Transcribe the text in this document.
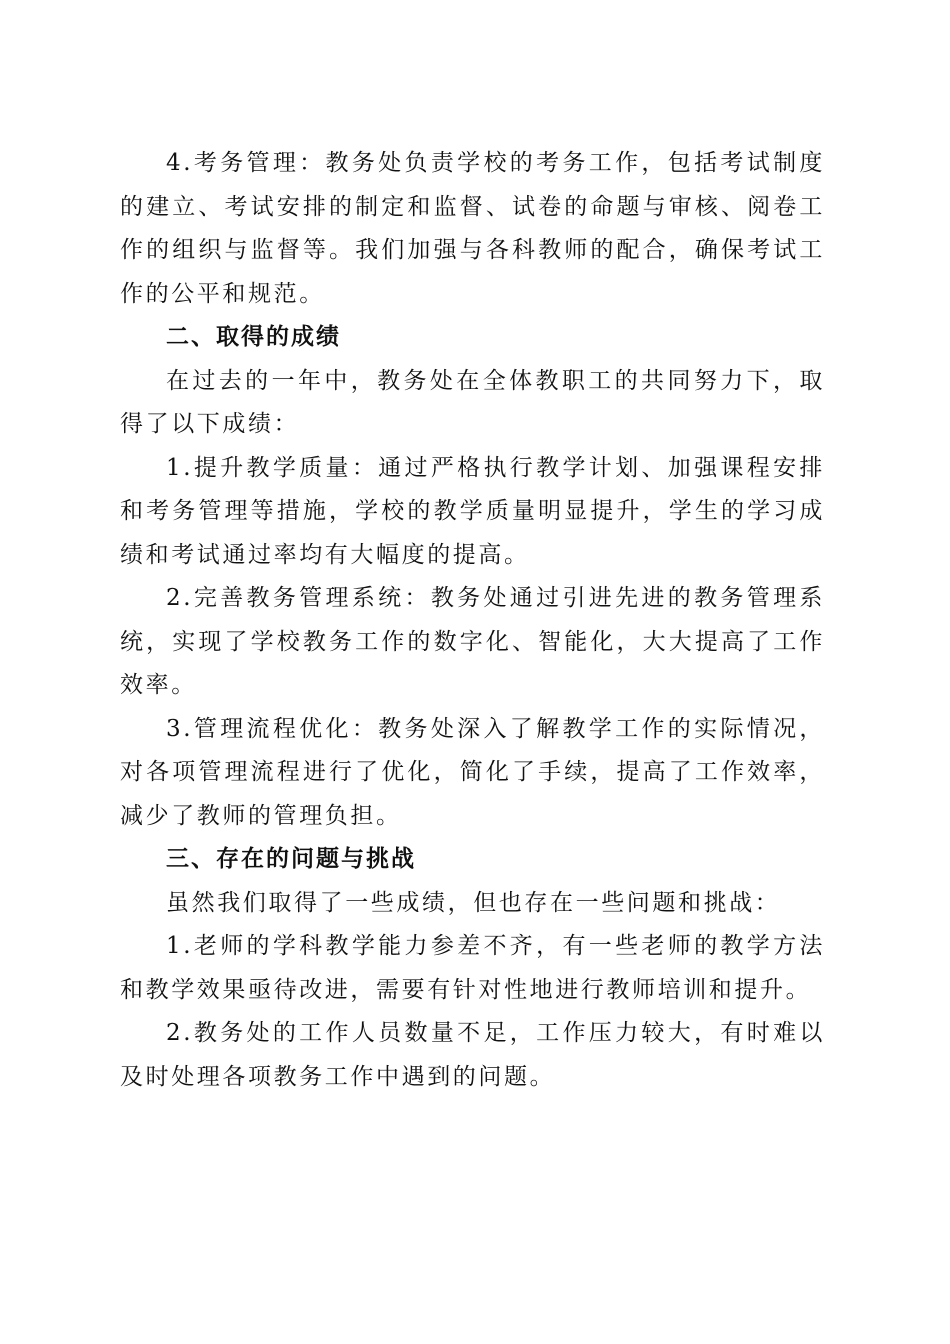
4.考务管理：教务处负责学校的考务工作，包括考试制度的建立、考试安排的制定和监督、试卷的命题与审核、阅卷工作的组织与监督等。我们加强与各科教师的配合，确保考试工作的公平和规范。

二、取得的成绩

在过去的一年中，教务处在全体教职工的共同努力下，取得了以下成绩：

1.提升教学质量：通过严格执行教学计划、加强课程安排和考务管理等措施，学校的教学质量明显提升，学生的学习成绩和考试通过率均有大幅度的提高。

2.完善教务管理系统：教务处通过引进先进的教务管理系统，实现了学校教务工作的数字化、智能化，大大提高了工作效率。

3.管理流程优化：教务处深入了解教学工作的实际情况，对各项管理流程进行了优化，简化了手续，提高了工作效率，减少了教师的管理负担。

三、存在的问题与挑战

虽然我们取得了一些成绩，但也存在一些问题和挑战：

1.老师的学科教学能力参差不齐，有一些老师的教学方法和教学效果亟待改进，需要有针对性地进行教师培训和提升。

2.教务处的工作人员数量不足，工作压力较大，有时难以及时处理各项教务工作中遇到的问题。
